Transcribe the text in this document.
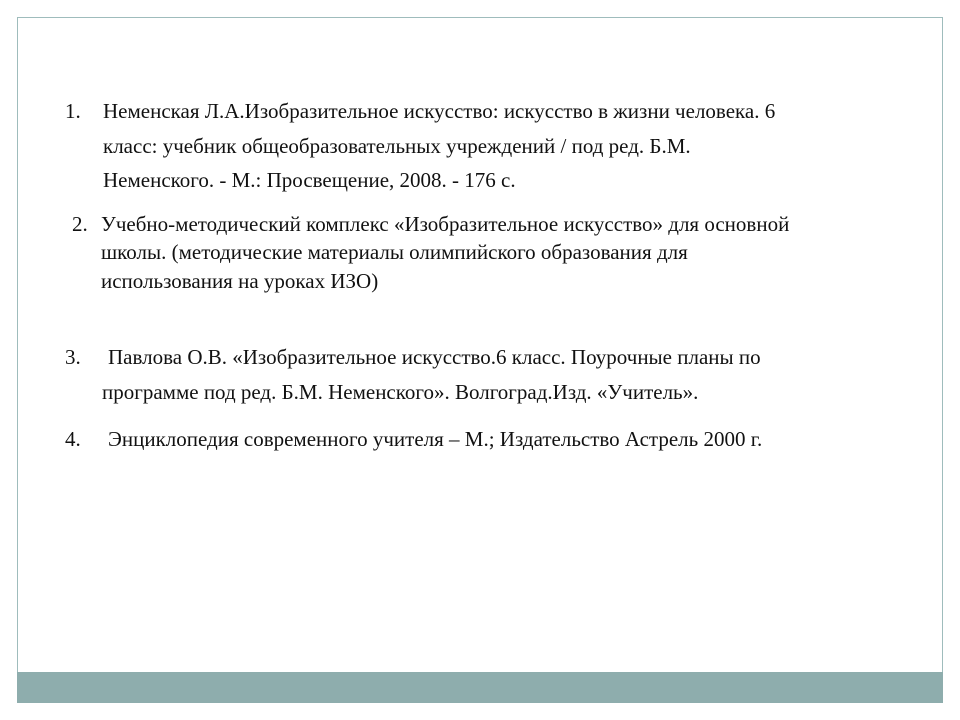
1. Неменская Л.А.Изобразительное искусство: искусство в жизни человека. 6
класс: учебник общеобразовательных учреждений / под ред. Б.М.
Неменского. - М.: Просвещение, 2008. - 176 с.
2. Учебно-методический комплекс «Изобразительное искусство» для основной
школы. (методические материалы олимпийского образования для
использования на уроках ИЗО)
3. Павлова О.В. «Изобразительное искусство.6 класс. Поурочные планы по
программе под ред. Б.М. Неменского». Волгоград.Изд. «Учитель».
4. Энциклопедия современного учителя – М.; Издательство Астрель 2000 г.
